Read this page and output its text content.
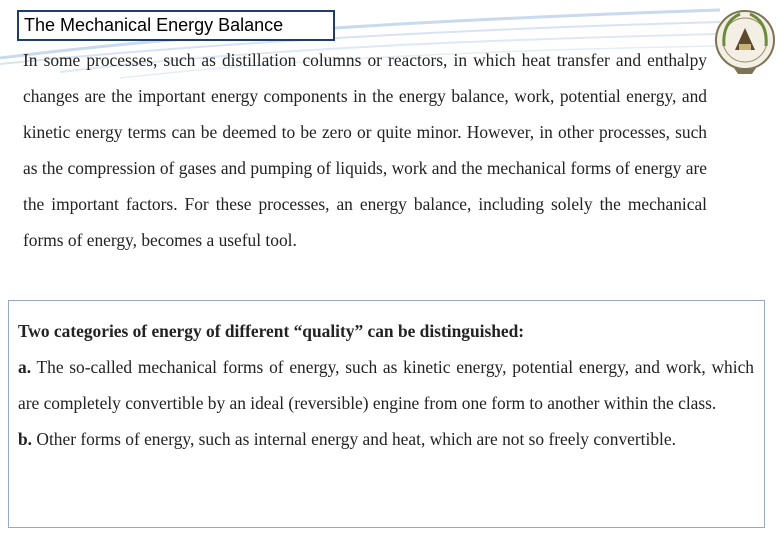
The Mechanical Energy Balance

In some processes, such as distillation columns or reactors, in which heat transfer and enthalpy changes are the important energy components in the energy balance, work, potential energy, and kinetic energy terms can be deemed to be zero or quite minor. However, in other processes, such as the compression of gases and pumping of liquids, work and the mechanical forms of energy are the important factors. For these processes, an energy balance, including solely the mechanical forms of energy, becomes a useful tool.

Two categories of energy of different “quality” can be distinguished:

a. The so-called mechanical forms of energy, such as kinetic energy, potential energy, and work, which are completely convertible by an ideal (reversible) engine from one form to another within the class.

b. Other forms of energy, such as internal energy and heat, which are not so freely convertible.
